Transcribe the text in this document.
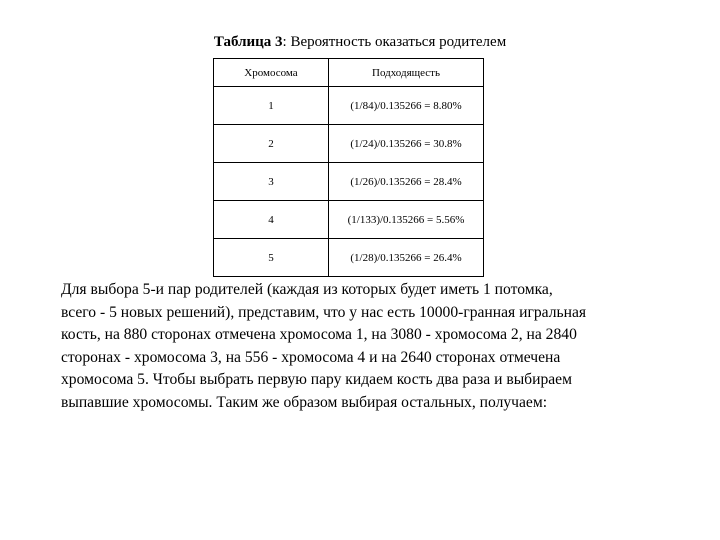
Таблица 3: Вероятность оказаться родителем
Хромосома	Подходящесть
1	(1/84)/0.135266 = 8.80%
2	(1/24)/0.135266 = 30.8%
3	(1/26)/0.135266 = 28.4%
4	(1/133)/0.135266 = 5.56%
5	(1/28)/0.135266 = 26.4%

Для выбора 5-и пар родителей (каждая из которых будет иметь 1 потомка,
всего - 5 новых решений), представим, что у нас есть 10000-гранная игральная
кость, на 880 сторонах отмечена хромосома 1, на 3080 - хромосома 2, на 2840
сторонах - хромосома 3, на 556 - хромосома 4 и на 2640 сторонах отмечена
хромосома 5. Чтобы выбрать первую пару кидаем кость два раза и выбираем
выпавшие хромосомы. Таким же образом выбирая остальных, получаем:
